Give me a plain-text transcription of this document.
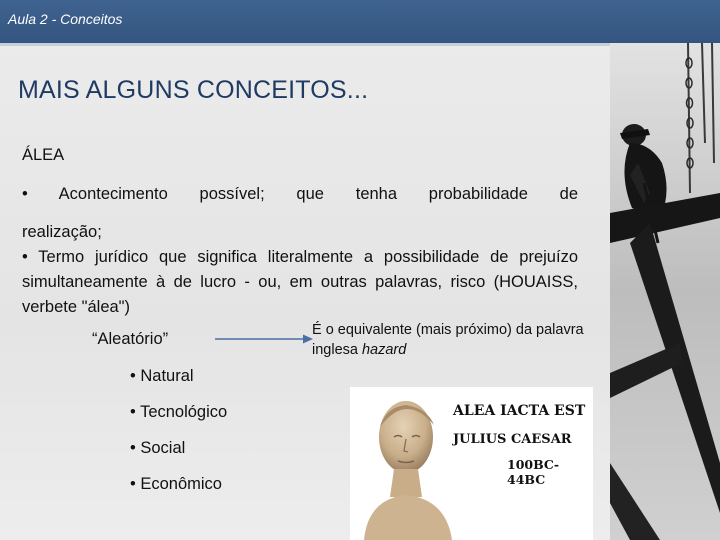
Aula 2 - Conceitos
MAIS ALGUNS CONCEITOS...
ÁLEA
• Acontecimento possível; que tenha probabilidade de
realização;
• Termo jurídico que significa literalmente a possibilidade de prejuízo simultaneamente à de lucro - ou, em outras palavras, risco (HOUAISS, verbete "álea")
“Aleatório”	É o equivalente (mais próximo) da palavra inglesa hazard
• Natural
• Tecnológico
• Social
• Econômico
ALEA IACTA EST
JULIUS CAESAR
100BC-44BC
